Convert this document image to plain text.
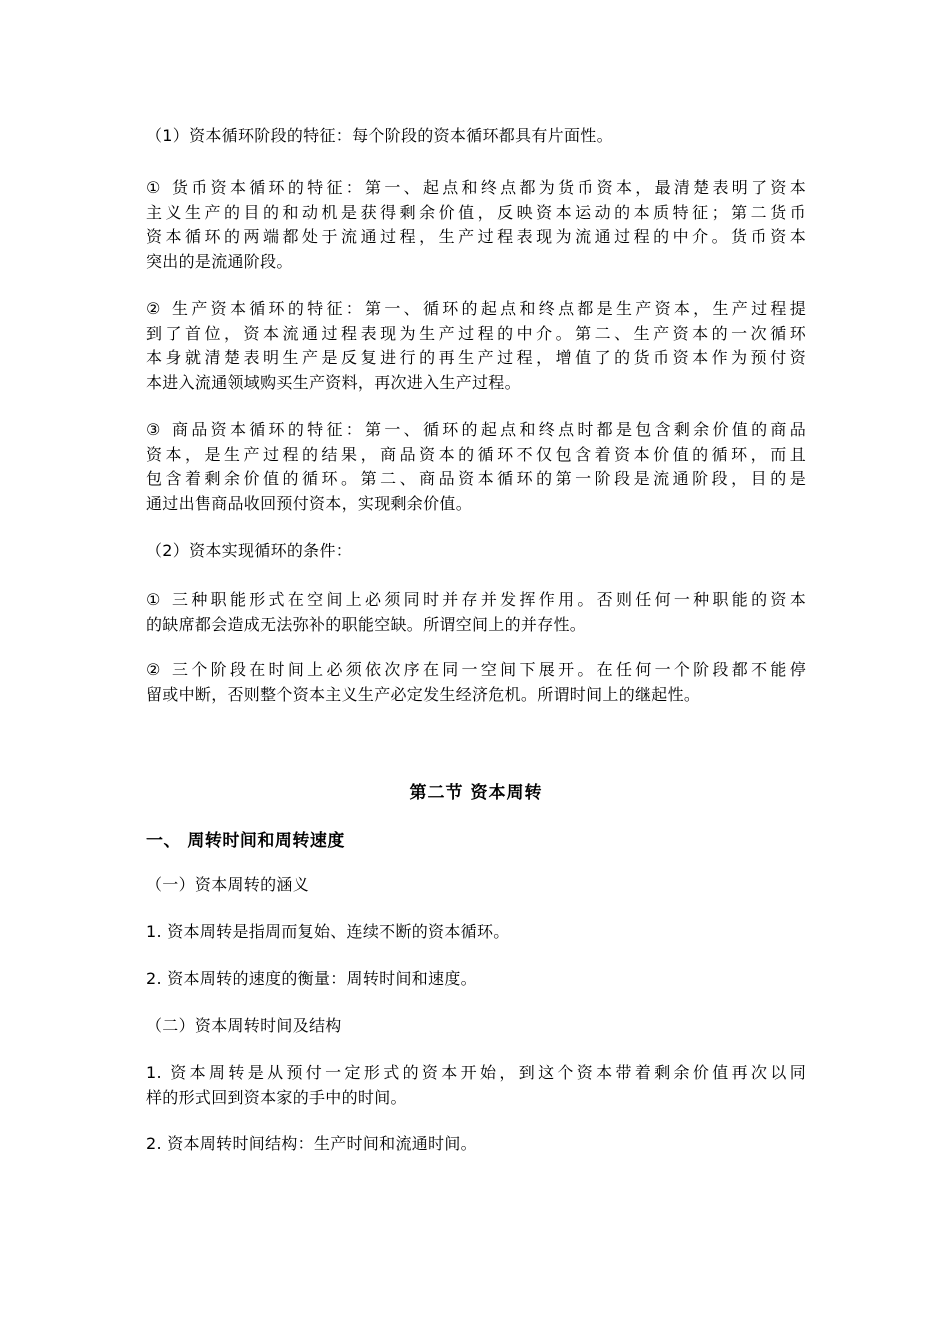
（1）资本循环阶段的特征：每个阶段的资本循环都具有片面性。
① 货币资本循环的特征：第一、起点和终点都为货币资本，最清楚表明了资本
主义生产的目的和动机是获得剩余价值，反映资本运动的本质特征；第二货币
资本循环的两端都处于流通过程，生产过程表现为流通过程的中介。货币资本
突出的是流通阶段。
② 生产资本循环的特征：第一、循环的起点和终点都是生产资本，生产过程提
到了首位，资本流通过程表现为生产过程的中介。第二、生产资本的一次循环
本身就清楚表明生产是反复进行的再生产过程，增值了的货币资本作为预付资
本进入流通领域购买生产资料，再次进入生产过程。
③ 商品资本循环的特征：第一、循环的起点和终点时都是包含剩余价值的商品
资本，是生产过程的结果，商品资本的循环不仅包含着资本价值的循环，而且
包含着剩余价值的循环。第二、商品资本循环的第一阶段是流通阶段，目的是
通过出售商品收回预付资本，实现剩余价值。
（2）资本实现循环的条件：
① 三种职能形式在空间上必须同时并存并发挥作用。否则任何一种职能的资本
的缺席都会造成无法弥补的职能空缺。所谓空间上的并存性。
② 三个阶段在时间上必须依次序在同一空间下展开。在任何一个阶段都不能停
留或中断，否则整个资本主义生产必定发生经济危机。所谓时间上的继起性。
第二节 资本周转
一、 周转时间和周转速度
（一）资本周转的涵义
1. 资本周转是指周而复始、连续不断的资本循环。
2. 资本周转的速度的衡量：周转时间和速度。
（二）资本周转时间及结构
1. 资本周转是从预付一定形式的资本开始，到这个资本带着剩余价值再次以同
样的形式回到资本家的手中的时间。
2. 资本周转时间结构：生产时间和流通时间。
